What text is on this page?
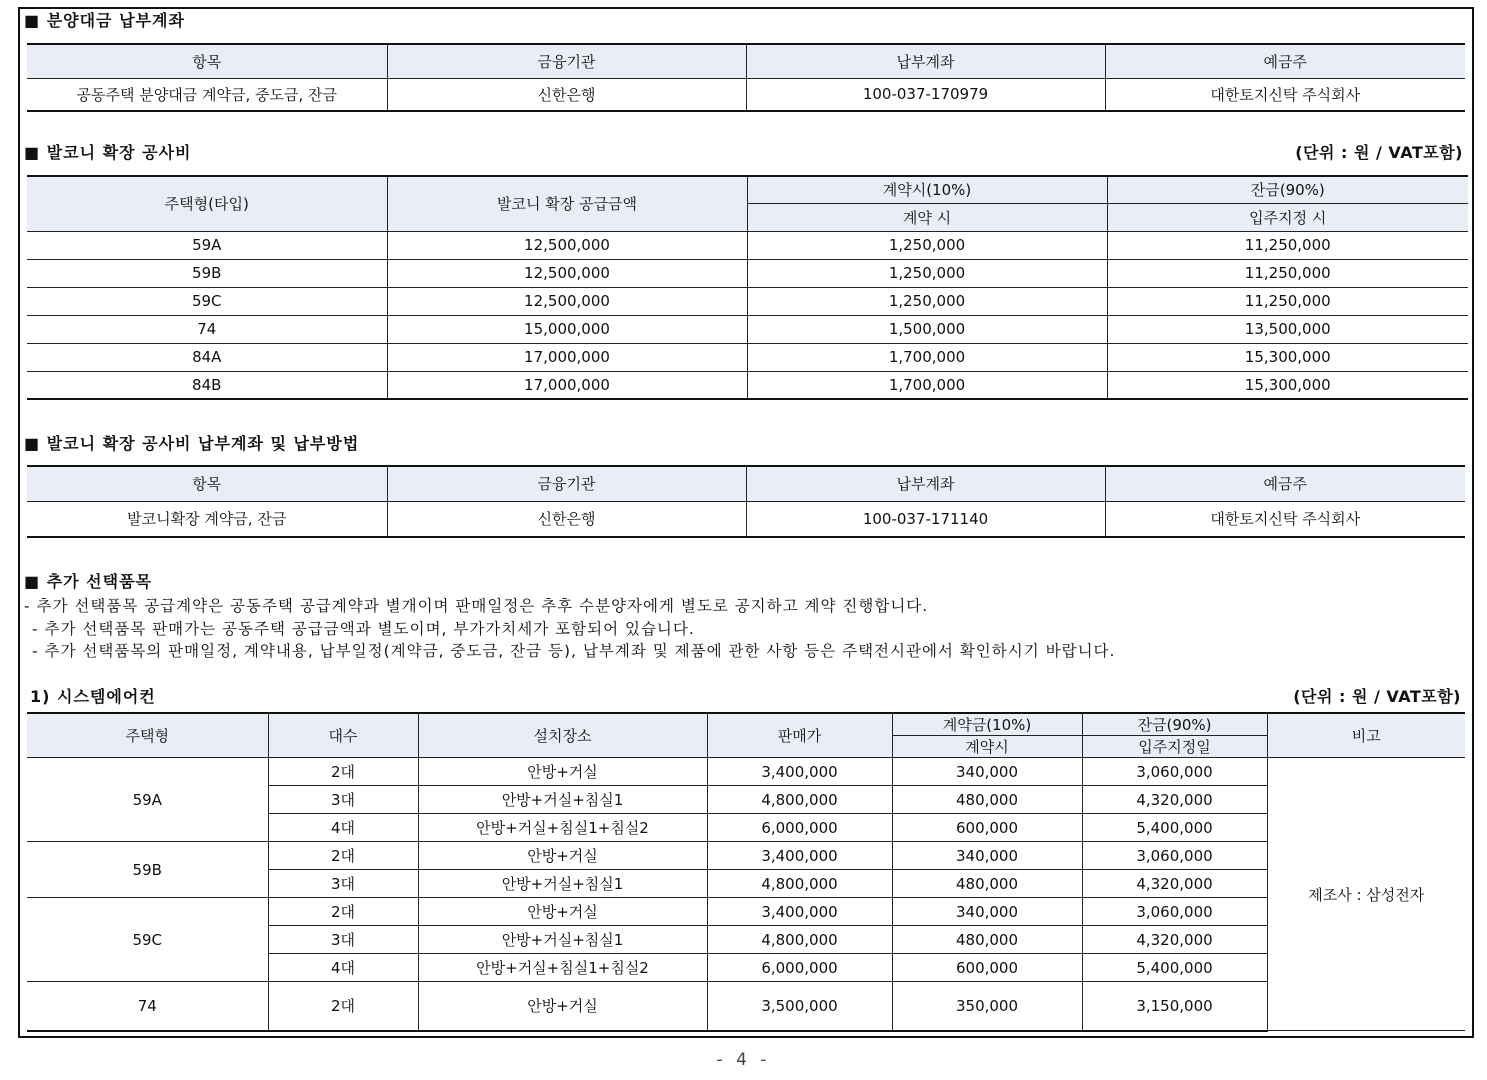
■ 분양대금 납부계좌
항목	금융기관	납부계좌	예금주
공동주택 분양대금 계약금, 중도금, 잔금	신한은행	100-037-170979	대한토지신탁 주식회사
■ 발코니 확장 공사비	(단위 : 원 / VAT포함)
주택형(타입)	발코니 확장 공급금액	계약시(10%)	잔금(90%)
		계약 시	입주지정 시
59A	12,500,000	1,250,000	11,250,000
59B	12,500,000	1,250,000	11,250,000
59C	12,500,000	1,250,000	11,250,000
74	15,000,000	1,500,000	13,500,000
84A	17,000,000	1,700,000	15,300,000
84B	17,000,000	1,700,000	15,300,000
■ 발코니 확장 공사비 납부계좌 및 납부방법
항목	금융기관	납부계좌	예금주
발코니확장 계약금, 잔금	신한은행	100-037-171140	대한토지신탁 주식회사
■ 추가 선택품목
- 추가 선택품목 공급계약은 공동주택 공급계약과 별개이며 판매일정은 추후 수분양자에게 별도로 공지하고 계약 진행합니다.
- 추가 선택품목 판매가는 공동주택 공급금액과 별도이며, 부가가치세가 포함되어 있습니다.
- 추가 선택품목의 판매일정, 계약내용, 납부일정(계약금, 중도금, 잔금 등), 납부계좌 및 제품에 관한 사항 등은 주택전시관에서 확인하시기 바랍니다.
1) 시스템에어컨	(단위 : 원 / VAT포함)
주택형	대수	설치장소	판매가	계약금(10%)	잔금(90%)	비고
				계약시	입주지정일	
59A	2대	안방+거실	3,400,000	340,000	3,060,000	제조사 : 삼성전자
	3대	안방+거실+침실1	4,800,000	480,000	4,320,000	
	4대	안방+거실+침실1+침실2	6,000,000	600,000	5,400,000	
59B	2대	안방+거실	3,400,000	340,000	3,060,000	
	3대	안방+거실+침실1	4,800,000	480,000	4,320,000	
59C	2대	안방+거실	3,400,000	340,000	3,060,000	
	3대	안방+거실+침실1	4,800,000	480,000	4,320,000	
	4대	안방+거실+침실1+침실2	6,000,000	600,000	5,400,000	
74	2대	안방+거실	3,500,000	350,000	3,150,000	
- 4 -
